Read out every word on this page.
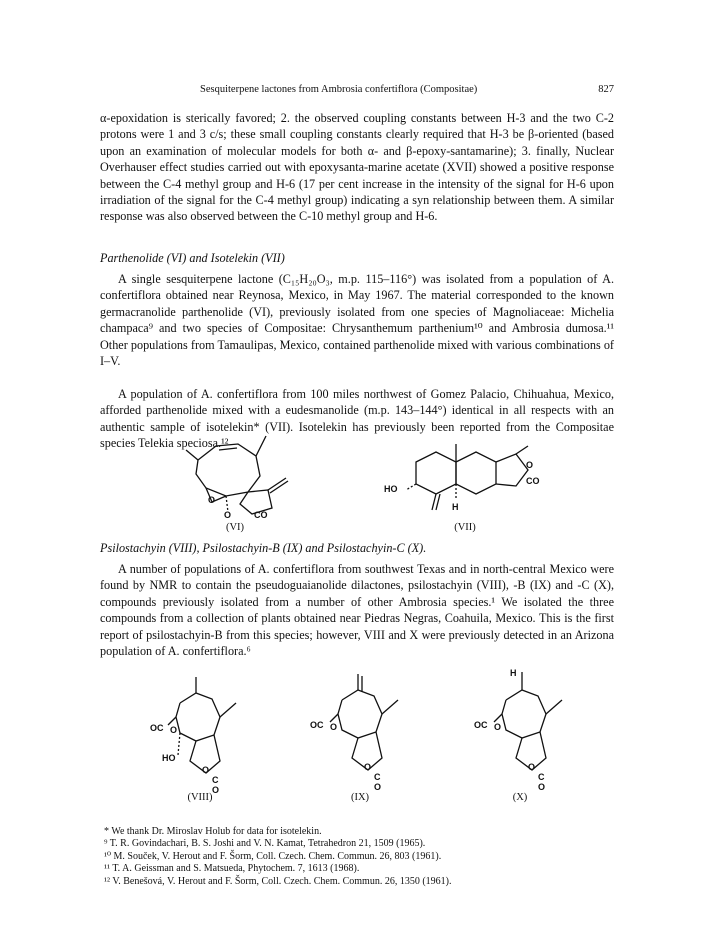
Sesquiterpene lactones from Ambrosia confertiflora (Compositae)	827
α-epoxidation is sterically favored; 2. the observed coupling constants between H-3 and the two C-2 protons were 1 and 3 c/s; these small coupling constants clearly required that H-3 be β-oriented (based upon an examination of molecular models for both α- and β-epoxy-santamarine); 3. finally, Nuclear Overhauser effect studies carried out with epoxysanta-marine acetate (XVII) showed a positive response between the C-4 methyl group and H-6 (17 per cent increase in the intensity of the signal for H-6 upon irradiation of the signal for the C-4 methyl group) indicating a syn relationship between them. A similar response was also observed between the C-10 methyl group and H-6.
Parthenolide (VI) and Isotelekin (VII)
A single sesquiterpene lactone (C₁₅H₂₀O₃, m.p. 115–116°) was isolated from a population of A. confertiflora obtained near Reynosa, Mexico, in May 1967. The material corresponded to the known germacranolide parthenolide (VI), previously isolated from one species of Magnoliaceae: Michelia champaca⁹ and two species of Compositae: Chrysanthemum parthenium¹⁰ and Ambrosia dumosa.¹¹ Other populations from Tamaulipas, Mexico, contained parthenolide mixed with various combinations of I–V.
A population of A. confertiflora from 100 miles northwest of Gomez Palacio, Chihuahua, Mexico, afforded parthenolide mixed with a eudesmanolide (m.p. 143–144°) identical in all respects with an authentic sample of isotelekin* (VII). Isotelekin has previously been reported from the Compositae species Telekia speciosa.¹²
O
O	CO
(VI)
HO
H
O
CO
(VII)
Psilostachyin (VIII), Psilostachyin-B (IX) and Psilostachyin-C (X).
A number of populations of A. confertiflora from southwest Texas and in north-central Mexico were found by NMR to contain the pseudoguaianolide dilactones, psilostachyin (VIII), -B (IX) and -C (X), compounds previously isolated from a number of other Ambrosia species.¹ We isolated the three compounds from a collection of plants obtained near Piedras Negras, Coahuila, Mexico. This is the first report of psilostachyin-B from this species; however, VIII and X were previously detected in an Arizona population of A. confertiflora.⁶
OC O
HO
O
C
O
(VIII)
OC O
O
C
O
(IX)
H
OC O
O
C
O
(X)
* We thank Dr. Miroslav Holub for data for isotelekin.
⁹ T. R. Govindachari, B. S. Joshi and V. N. Kamat, Tetrahedron 21, 1509 (1965).
¹⁰ M. Souček, V. Herout and F. Šorm, Coll. Czech. Chem. Commun. 26, 803 (1961).
¹¹ T. A. Geissman and S. Matsueda, Phytochem. 7, 1613 (1968).
¹² V. Benešová, V. Herout and F. Šorm, Coll. Czech. Chem. Commun. 26, 1350 (1961).
